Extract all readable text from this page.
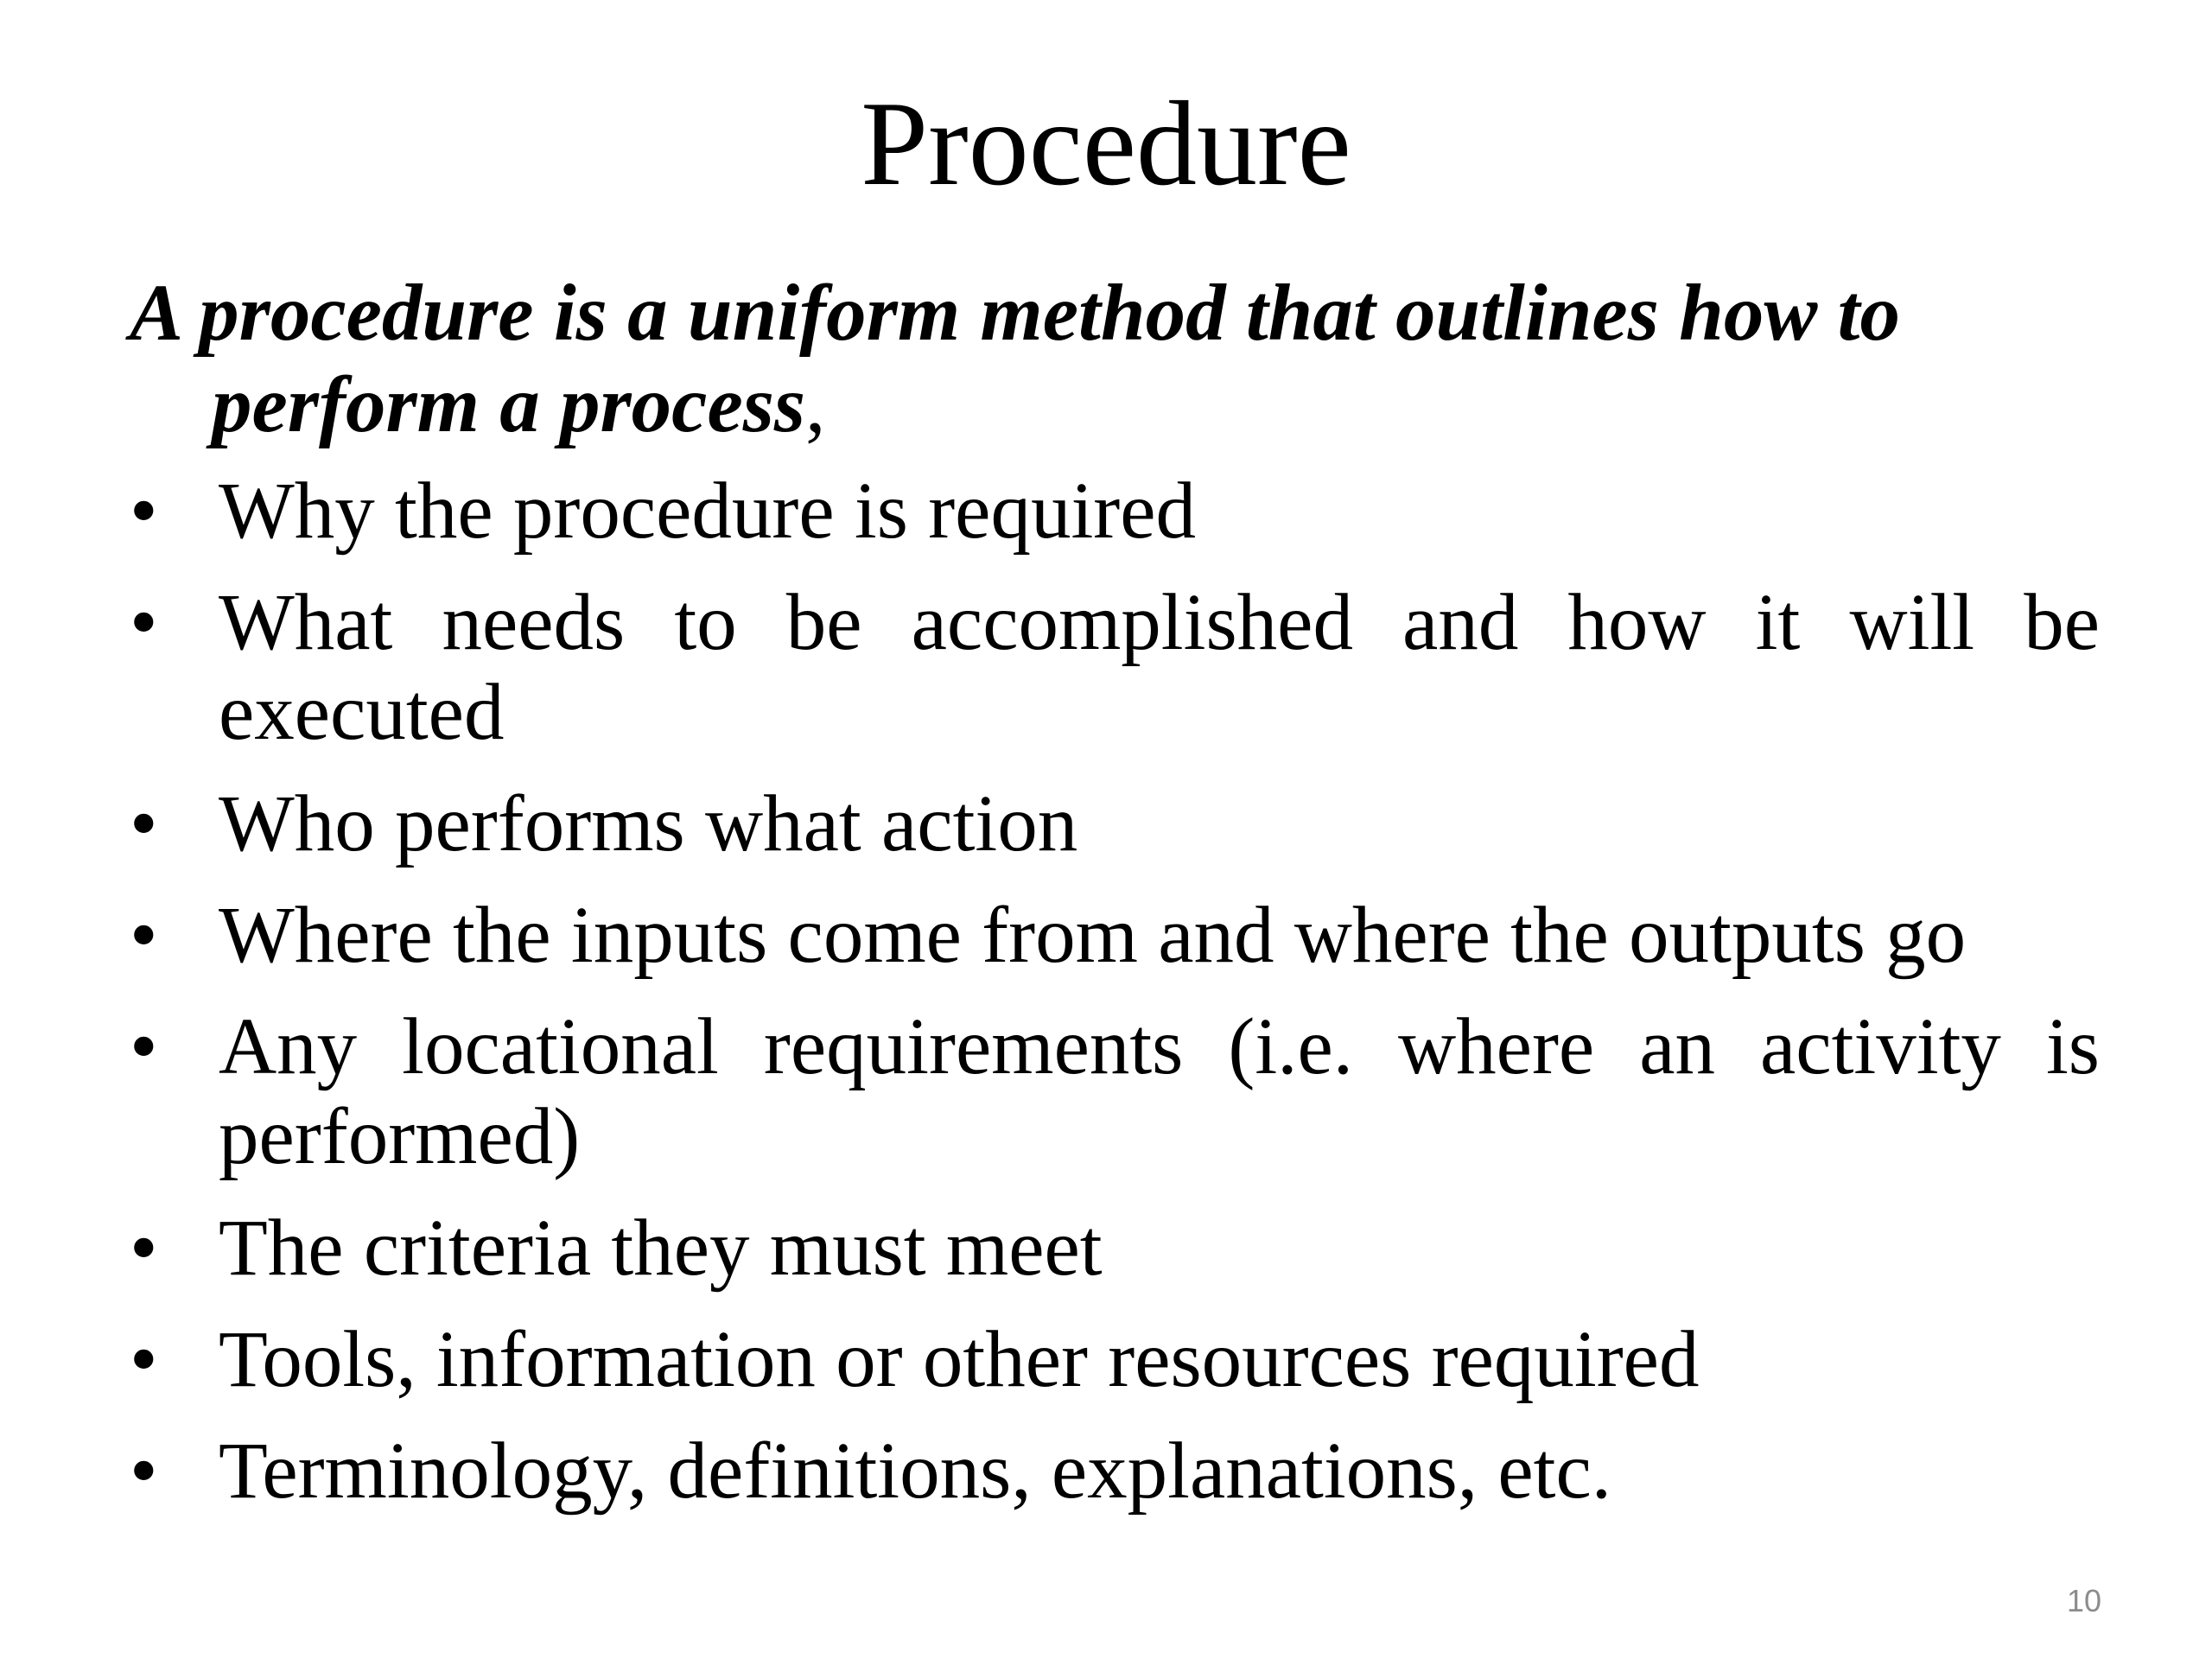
Procedure
A procedure is a uniform method that outlines how to perform a process,
• Why the procedure is required
• What needs to be accomplished and how it will be executed
• Who performs what action
• Where the inputs come from and where the outputs go
• Any locational requirements (i.e. where an activity is performed)
• The criteria they must meet
• Tools, information or other resources required
• Terminology, definitions, explanations, etc.
10
